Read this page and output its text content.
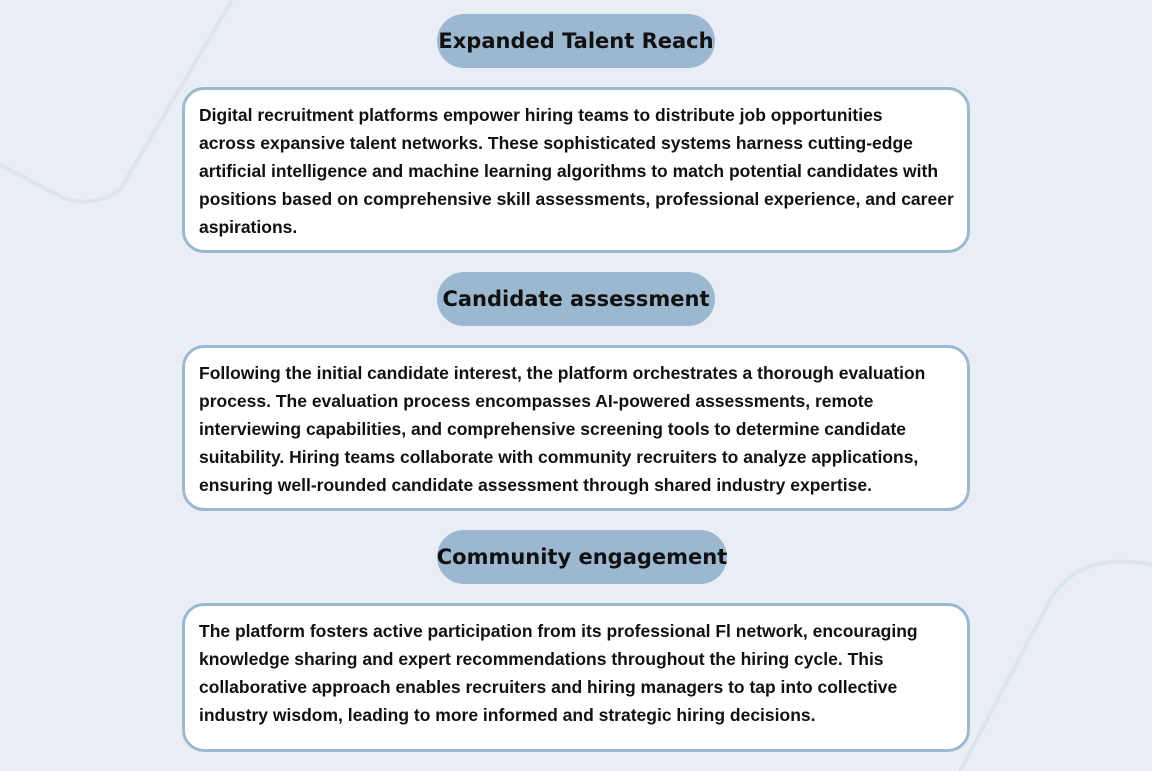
Expanded Talent Reach
Digital recruitment platforms empower hiring teams to distribute job opportunities
across expansive talent networks. These sophisticated systems harness cutting-edge
artificial intelligence and machine learning algorithms to match potential candidates with
positions based on comprehensive skill assessments, professional experience, and career
aspirations.
Candidate assessment
Following the initial candidate interest, the platform orchestrates a thorough evaluation
process. The evaluation process encompasses AI-powered assessments, remote
interviewing capabilities, and comprehensive screening tools to determine candidate
suitability. Hiring teams collaborate with community recruiters to analyze applications,
ensuring well-rounded candidate assessment through shared industry expertise.
Community engagement
The platform fosters active participation from its professional Fl network, encouraging
knowledge sharing and expert recommendations throughout the hiring cycle. This
collaborative approach enables recruiters and hiring managers to tap into collective
industry wisdom, leading to more informed and strategic hiring decisions.
